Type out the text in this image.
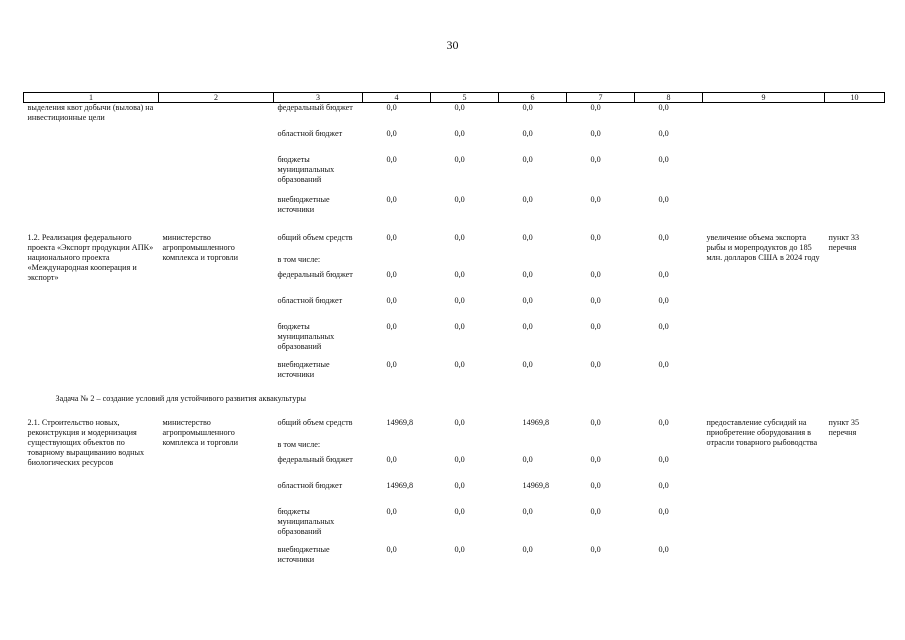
30
1	2	3	4	5	6	7	8	9	10
выделения квот добычи (вылова) на инвестиционные цели		федеральный бюджет	0,0	0,0	0,0	0,0	0,0		
		областной бюджет	0,0	0,0	0,0	0,0	0,0		
		бюджеты муниципальных образований	0,0	0,0	0,0	0,0	0,0		
		внебюджетные источники	0,0	0,0	0,0	0,0	0,0		

1.2. Реализация федерального проекта «Экспорт продукции АПК» национального проекта «Международная кооперация и экспорт»	министерство агропромышленного комплекса и торговли	общий объем средств	0,0	0,0	0,0	0,0	0,0	увеличение объема экспорта рыбы и морепродуктов до 185 млн. долларов США в 2024 году	пункт 33 перечня
		в том числе:							
		федеральный бюджет	0,0	0,0	0,0	0,0	0,0		
		областной бюджет	0,0	0,0	0,0	0,0	0,0		
		бюджеты муниципальных образований	0,0	0,0	0,0	0,0	0,0		
		внебюджетные источники	0,0	0,0	0,0	0,0	0,0		
Задача № 2 – создание условий для устойчивого развития аквакультуры									
2.1. Строительство новых, реконструкция и модернизация существующих объектов по товарному выращиванию водных биологических ресурсов	министерство агропромышленного комплекса и торговли	общий объем средств	14969,8	0,0	14969,8	0,0	0,0	предоставление субсидий на приобретение оборудования в отрасли товарного рыбоводства	пункт 35 перечня
		в том числе:							
		федеральный бюджет	0,0	0,0	0,0	0,0	0,0		
		областной бюджет	14969,8	0,0	14969,8	0,0	0,0		
		бюджеты муниципальных образований	0,0	0,0	0,0	0,0	0,0		
		внебюджетные источники	0,0	0,0	0,0	0,0	0,0		
